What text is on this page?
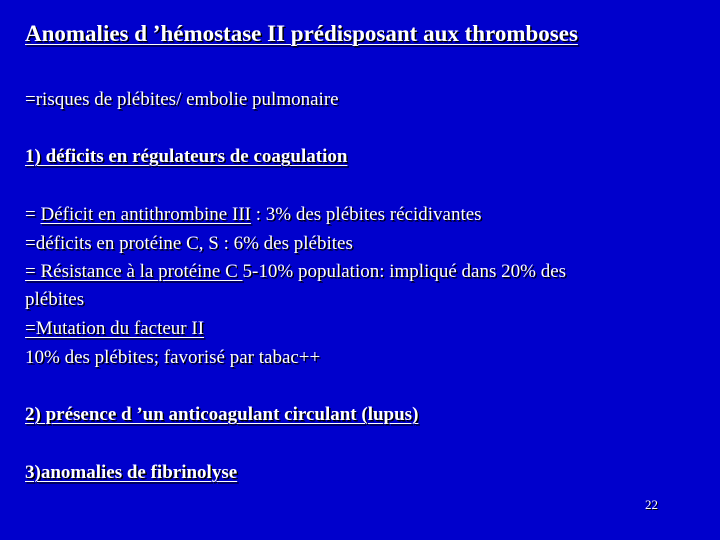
Anomalies d ’hémostase II prédisposant aux thromboses
=risques de plébites/ embolie pulmonaire
1) déficits en régulateurs de coagulation
= Déficit en antithrombine III : 3% des plébites récidivantes
=déficits en protéine C, S : 6% des plébites
= Résistance à la protéine C 5-10% population: impliqué dans 20% des
plébites
=Mutation du facteur II
10% des plébites; favorisé par tabac++
2) présence d ’un anticoagulant circulant (lupus)
3)anomalies de fibrinolyse
22
